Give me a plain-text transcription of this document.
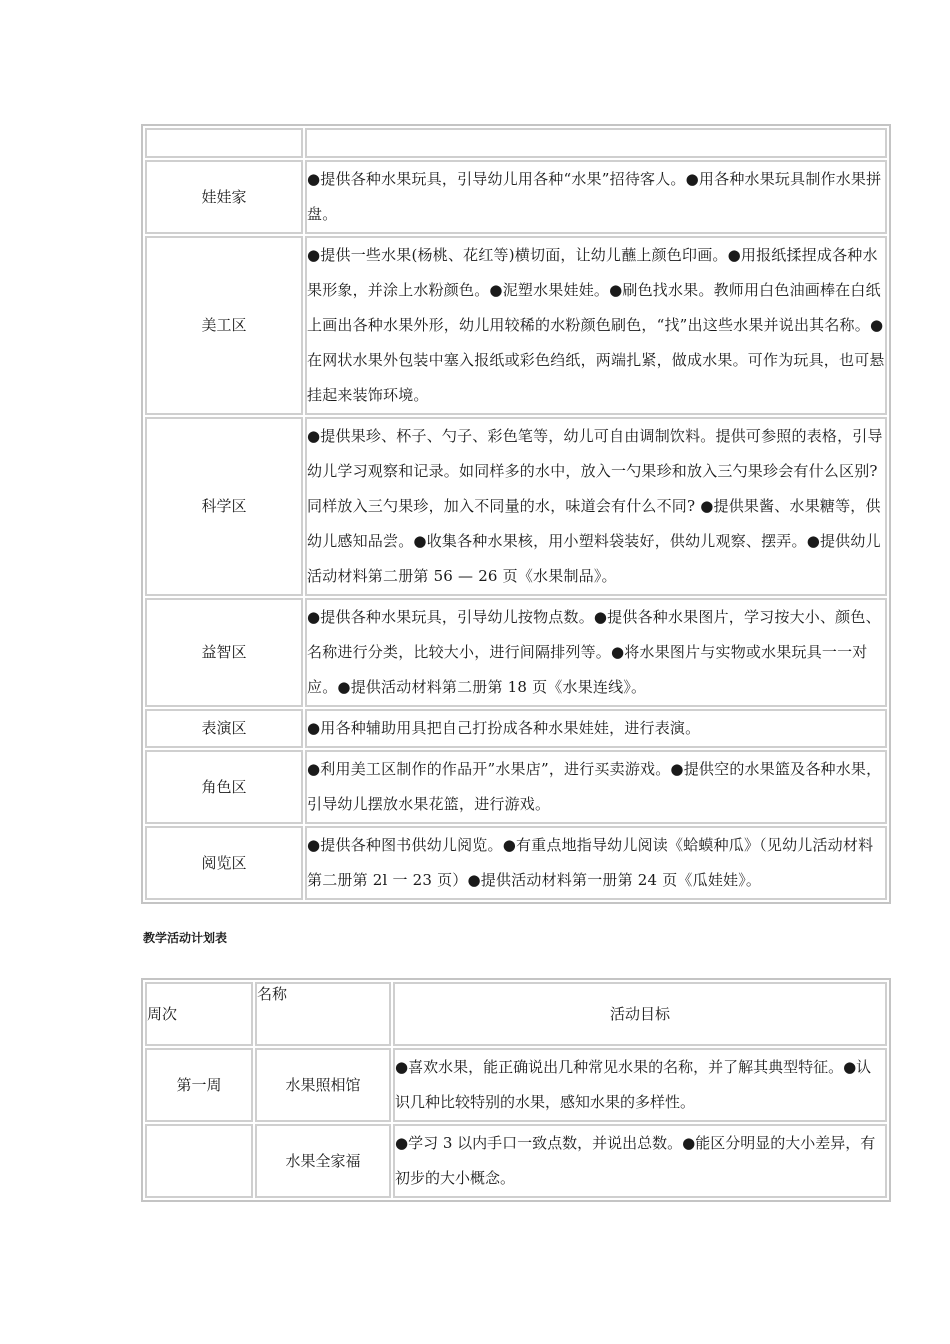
娃娃家	●提供各种水果玩具，引导幼儿用各种“水果”招待客人。●用各种水果玩具制作水果拼盘。
美工区	●提供一些水果(杨桃、花红等)横切面，让幼儿蘸上颜色印画。●用报纸揉捏成各种水果形象，并涂上水粉颜色。●泥塑水果娃娃。●刷色找水果。教师用白色油画棒在白纸上画出各种水果外形，幼儿用较稀的水粉颜色刷色，“找”出这些水果并说出其名称。●在网状水果外包装中塞入报纸或彩色绉纸，两端扎紧，做成水果。可作为玩具，也可悬挂起来装饰环境。
科学区	●提供果珍、杯子、勺子、彩色笔等，幼儿可自由调制饮料。提供可参照的表格，引导幼儿学习观察和记录。如同样多的水中，放入一勺果珍和放入三勺果珍会有什么区别?同样放入三勺果珍，加入不同量的水，味道会有什么不同? ●提供果酱、水果糖等，供幼儿感知品尝。●收集各种水果核，用小塑料袋装好，供幼儿观察、摆弄。●提供幼儿活动材料第二册第 56 — 26 页《水果制品》。
益智区	●提供各种水果玩具，引导幼儿按物点数。●提供各种水果图片，学习按大小、颜色、名称进行分类，比较大小，进行间隔排列等。●将水果图片与实物或水果玩具一一对应。●提供活动材料第二册第 18 页《水果连线》。
表演区	●用各种辅助用具把自己打扮成各种水果娃娃，进行表演。
角色区	●利用美工区制作的作品开”水果店”，进行买卖游戏。●提供空的水果篮及各种水果，引导幼儿摆放水果花篮，进行游戏。
阅览区	●提供各种图书供幼儿阅览。●有重点地指导幼儿阅读《蛤蟆种瓜》（见幼儿活动材料第二册第 2l 一 23 页）●提供活动材料第一册第 24 页《瓜娃娃》。
教学活动计划表
周次	名称	活动目标
第一周	水果照相馆	●喜欢水果，能正确说出几种常见水果的名称，并了解其典型特征。●认识几种比较特别的水果，感知水果的多样性。
	水果全家福	●学习 3 以内手口一致点数，并说出总数。●能区分明显的大小差异，有初步的大小概念。
